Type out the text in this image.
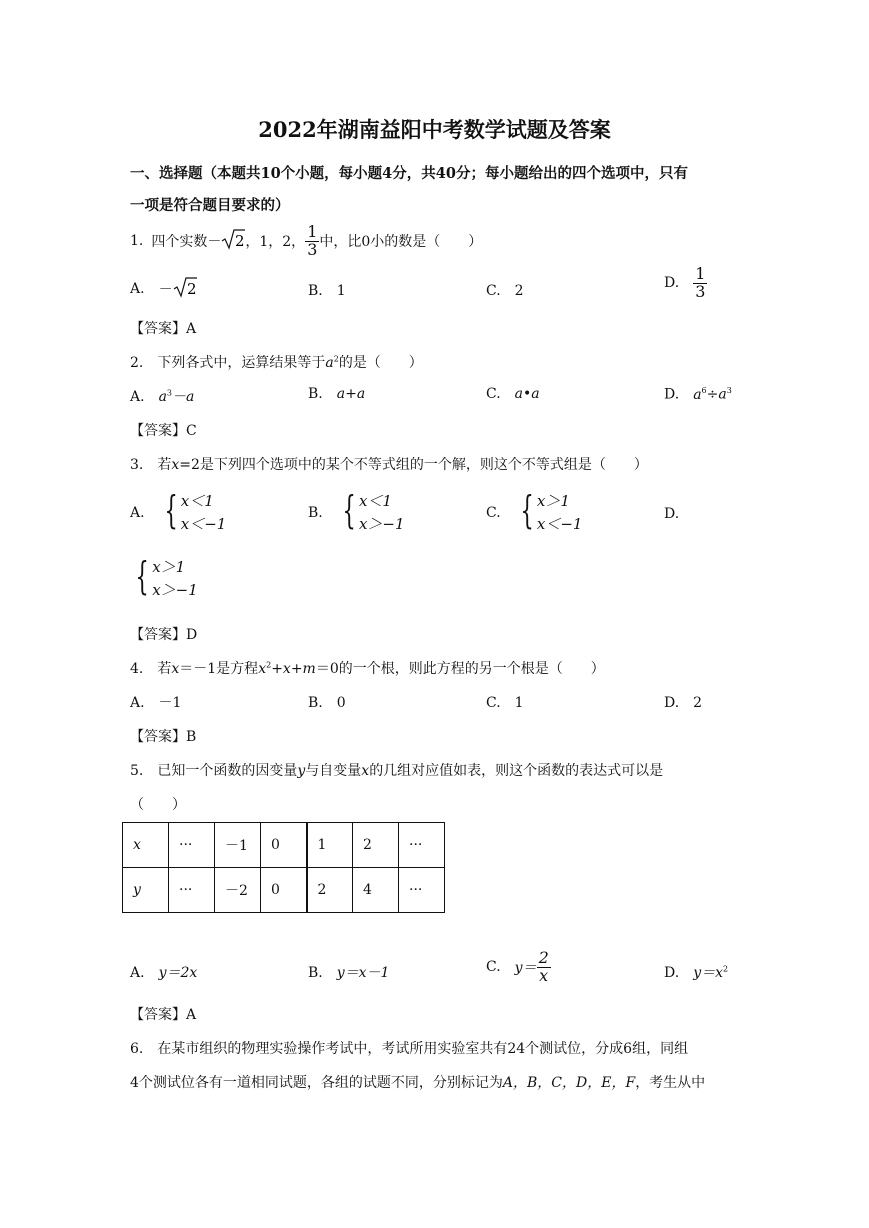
2022年湖南益阳中考数学试题及答案
一、选择题（本题共10个小题，每小题4分，共40分；每小题给出的四个选项中，只有
一项是符合题目要求的）
1. 四个实数－ 2 ，1，2， $\frac{1}{3}$ 中，比0小的数是（　　）
A. － 2	B.　1	C.　2	D. $\frac{1}{3}$
【答案】A
2.　下列各式中，运算结果等于$a^2$的是（　　）
A. $a^3-a$	B. a+a	C. a•a	D. $a^6\div a^3$
【答案】C
3.　若x=2是下列四个选项中的某个不等式组的一个解，则这个不等式组是（　　）
A. { x＜1
x＜−1
B. { x＜1
x＞−1
C. { x＞1
x＜−1
D.
{ x＞1
x＞−1
【答案】D
4.　若x＝－1是方程$x^2+x+m=0$的一个根，则此方程的另一个根是（　　）
A.　－1	B.　0	C.　1	D.　2
【答案】B
5.　已知一个函数的因变量y与自变量x的几组对应值如表，则这个函数的表达式可以是
（　　）
x	···	－1	0	1	2	···
y	···	－2	0	2	4	···
A. y＝2x	B. y＝x－1	C. $y= \frac{2}{x}$	D. $y=x^2$
【答案】A
6.　在某市组织的物理实验操作考试中，考试所用实验室共有24个测试位，分成6组，同组
4个测试位各有一道相同试题，各组的试题不同，分别标记为A，B，C，D，E，F，考生从中
